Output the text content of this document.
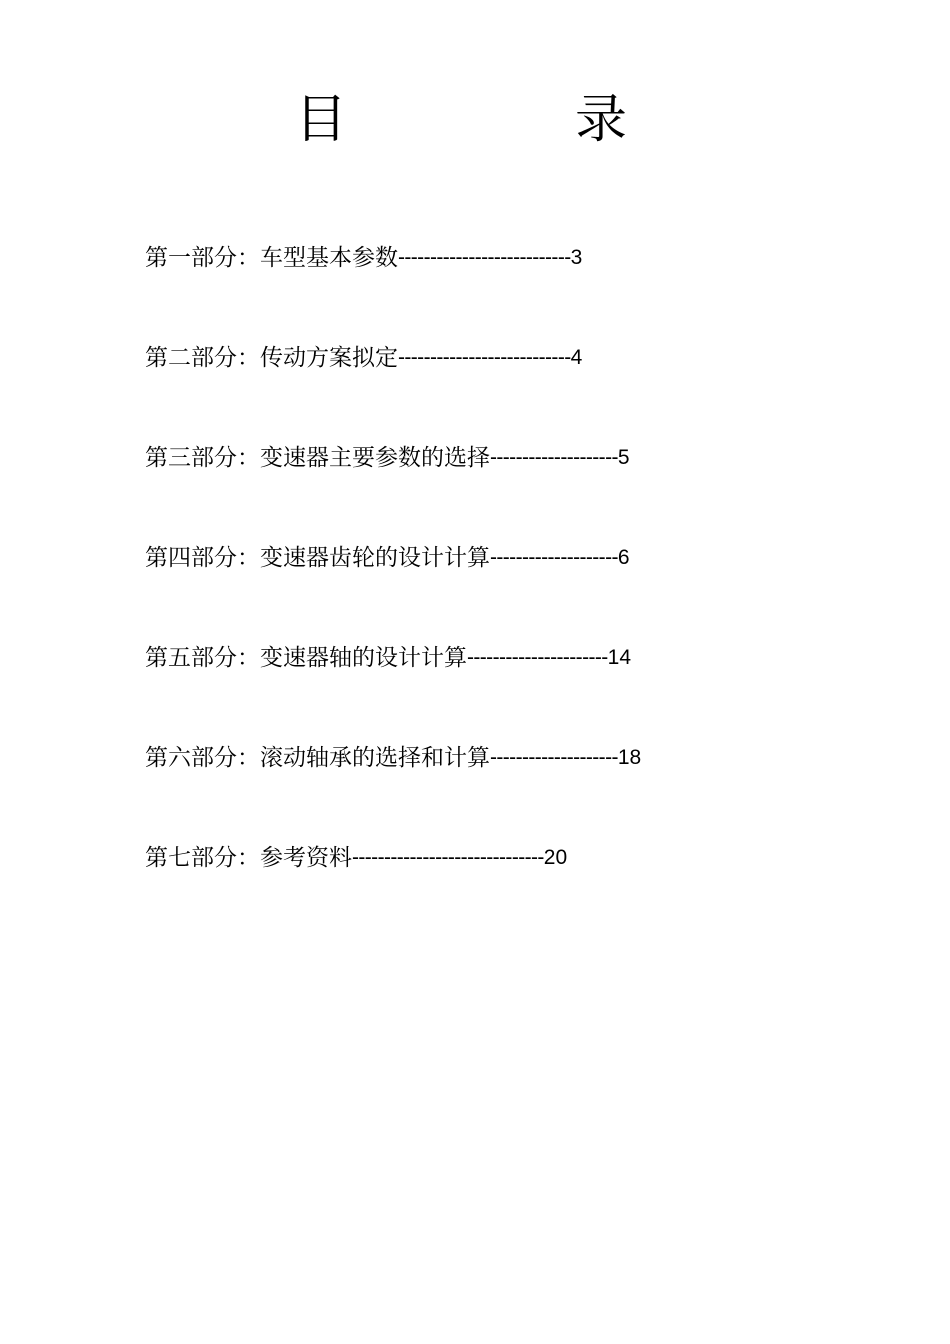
目	录
第一部分：车型基本参数 --------------------------- 3
第二部分：传动方案拟定 --------------------------- 4
第三部分：变速器主要参数的选择 -------------------- 5
第四部分：变速器齿轮的设计计算 -------------------- 6
第五部分：变速器轴的设计计算 ---------------------- 14
第六部分：滚动轴承的选择和计算 -------------------- 18
第七部分：参考资料 ------------------------------ 20
